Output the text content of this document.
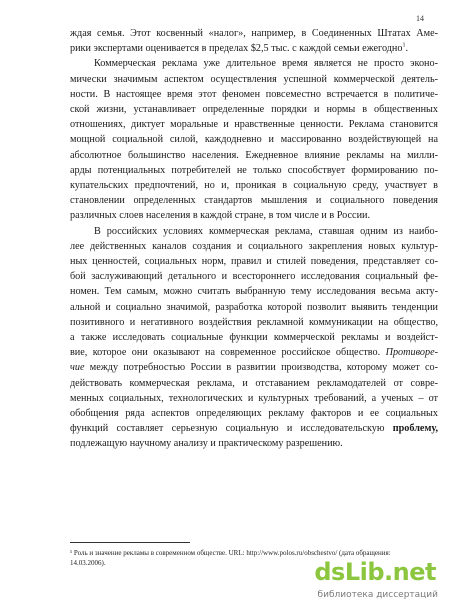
14
ждая семья. Этот косвенный «налог», например, в Соединенных Штатах Аме-
рики экспертами оценивается в пределах $2,5 тыс. с каждой семьи ежегодно$^1$.
Коммерческая реклама уже длительное время является не просто эконо-
мически значимым аспектом осуществления успешной коммерческой деятель-
ности. В настоящее время этот феномен повсеместно встречается в политиче-
ской жизни, устанавливает определенные порядки и нормы в общественных
отношениях, диктует моральные и нравственные ценности. Реклама становится
мощной социальной силой, каждодневно и массированно воздействующей на
абсолютное большинство населения. Ежедневное влияние рекламы на милли-
арды потенциальных потребителей не только способствует формированию по-
купательских предпочтений, но и, проникая в социальную среду, участвует в
становлении определенных стандартов мышления и социального поведения
различных слоев населения в каждой стране, в том числе и в России.
В российских условиях коммерческая реклама, ставшая одним из наибо-
лее действенных каналов создания и социального закрепления новых культур-
ных ценностей, социальных норм, правил и стилей поведения, представляет со-
бой заслуживающий детального и всестороннего исследования социальный фе-
номен. Тем самым, можно считать выбранную тему исследования весьма акту-
альной и социально значимой, разработка которой позволит выявить тенденции
позитивного и негативного воздействия рекламной коммуникации на общество,
а также исследовать социальные функции коммерческой рекламы и воздейст-
вие, которое они оказывают на современное российское общество. Противоре-
чие между потребностью России в развитии производства, которому может со-
действовать коммерческая реклама, и отставанием рекламодателей от совре-
менных социальных, технологических и культурных требований, а ученых – от
обобщения ряда аспектов определяющих рекламу факторов и ее социальных
функций составляет серьезную социальную и исследовательскую проблему,
подлежащую научному анализу и практическому разрешению.
¹ Роль и значение рекламы в современном обществе. URL: http://www.polos.ru/obschestvo/ (дата обращения:
14.03.2006).	dsLib.net
библиотека диссертаций
